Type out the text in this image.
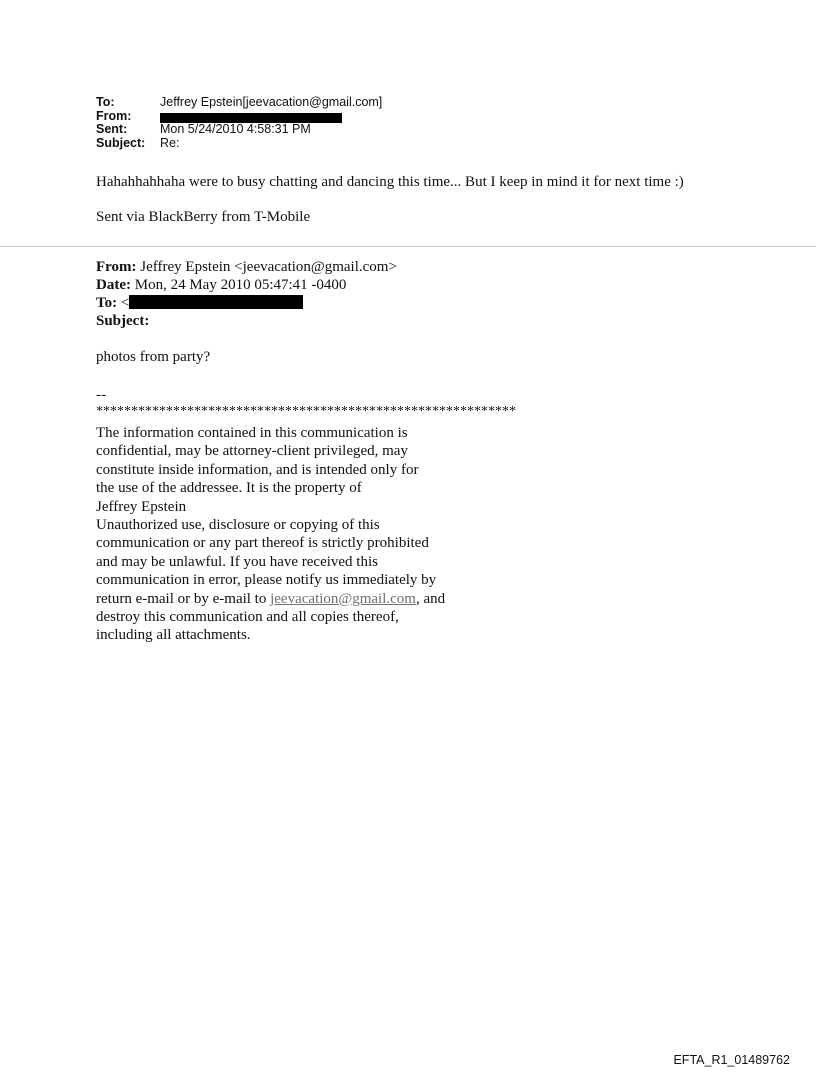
To:	Jeffrey Epstein[jeevacation@gmail.com]
From:
Sent:	Mon 5/24/2010 4:58:31 PM
Subject:	Re:
Hahahhahhaha were to busy chatting and dancing this time... But I keep in mind it for next time :)
Sent via BlackBerry from T-Mobile
From: Jeffrey Epstein <jeevacation@gmail.com>
Date: Mon, 24 May 2010 05:47:41 -0400
To: <
Subject:
photos from party?
--
************************************************************
The information contained in this communication is
confidential, may be attorney-client privileged, may
constitute inside information, and is intended only for
the use of the addressee. It is the property of
Jeffrey Epstein
Unauthorized use, disclosure or copying of this
communication or any part thereof is strictly prohibited
and may be unlawful. If you have received this
communication in error, please notify us immediately by
return e-mail or by e-mail to jeevacation@gmail.com, and
destroy this communication and all copies thereof,
including all attachments.
EFTA_R1_01489762
